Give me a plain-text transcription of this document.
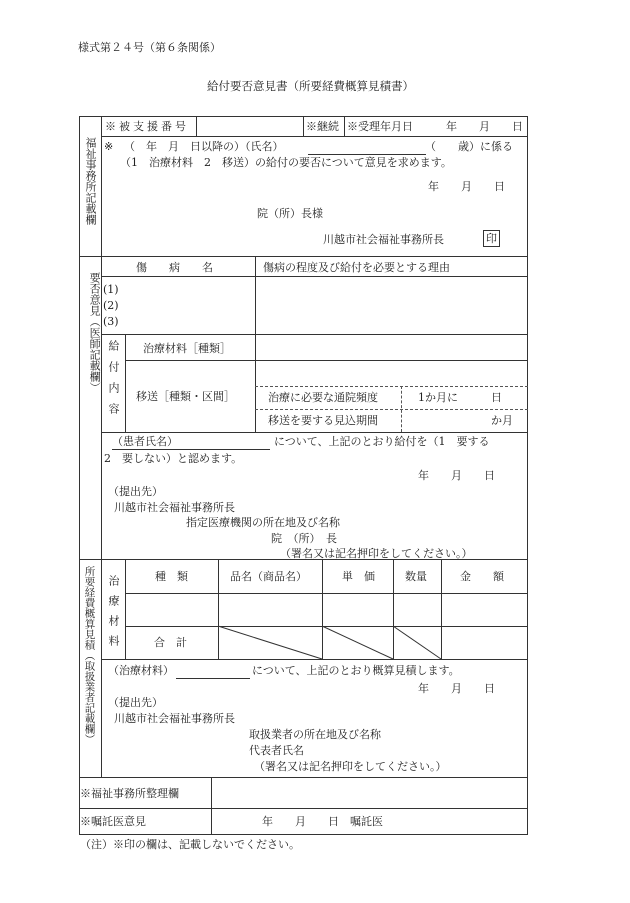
様式第２４号（第６条関係）
給付要否意見書（所要経費概算見積書）
福祉事務所記載欄
※被支援番号	※継続 ※受理年月日	年　　月　　日
※ （　年　月　日以降の）（氏名）	（　　歳）に係る
（1　治療材料　2　移送）の給付の要否について意見を求めます。
年　　月　　日
院（所）長様
川越市社会福祉事務所長	印
要否意見（医師記載欄）
傷　　病　　名	傷病の程度及び給付を必要とする理由
(1)
(2)
(3)
給付内容 治療材料［種類］
移送［種類・区間］	治療に必要な通院頻度	1か月に　　　日
移送を要する見込期間	か月
（患者氏名）	について、上記のとおり給付を（1　要する
2　要しない）と認めます。
年　　月　　日
（提出先）
川越市社会福祉事務所長
指定医療機関の所在地及び名称
院　（所）　長
（署名又は記名押印をしてください。）
所要経費概算見積（取扱業者記載欄） 治療材料	種　類	品名（商品名）	単　価	数量	金　　額
合　計
（治療材料）	について、上記のとおり概算見積します。
年　　月　　日
（提出先）
川越市社会福祉事務所長
取扱業者の所在地及び名称
代表者氏名
（署名又は記名押印をしてください。）
※福祉事務所整理欄
※嘱託医意見	年　　月　　日　嘱託医
（注）※印の欄は、記載しないでください。
